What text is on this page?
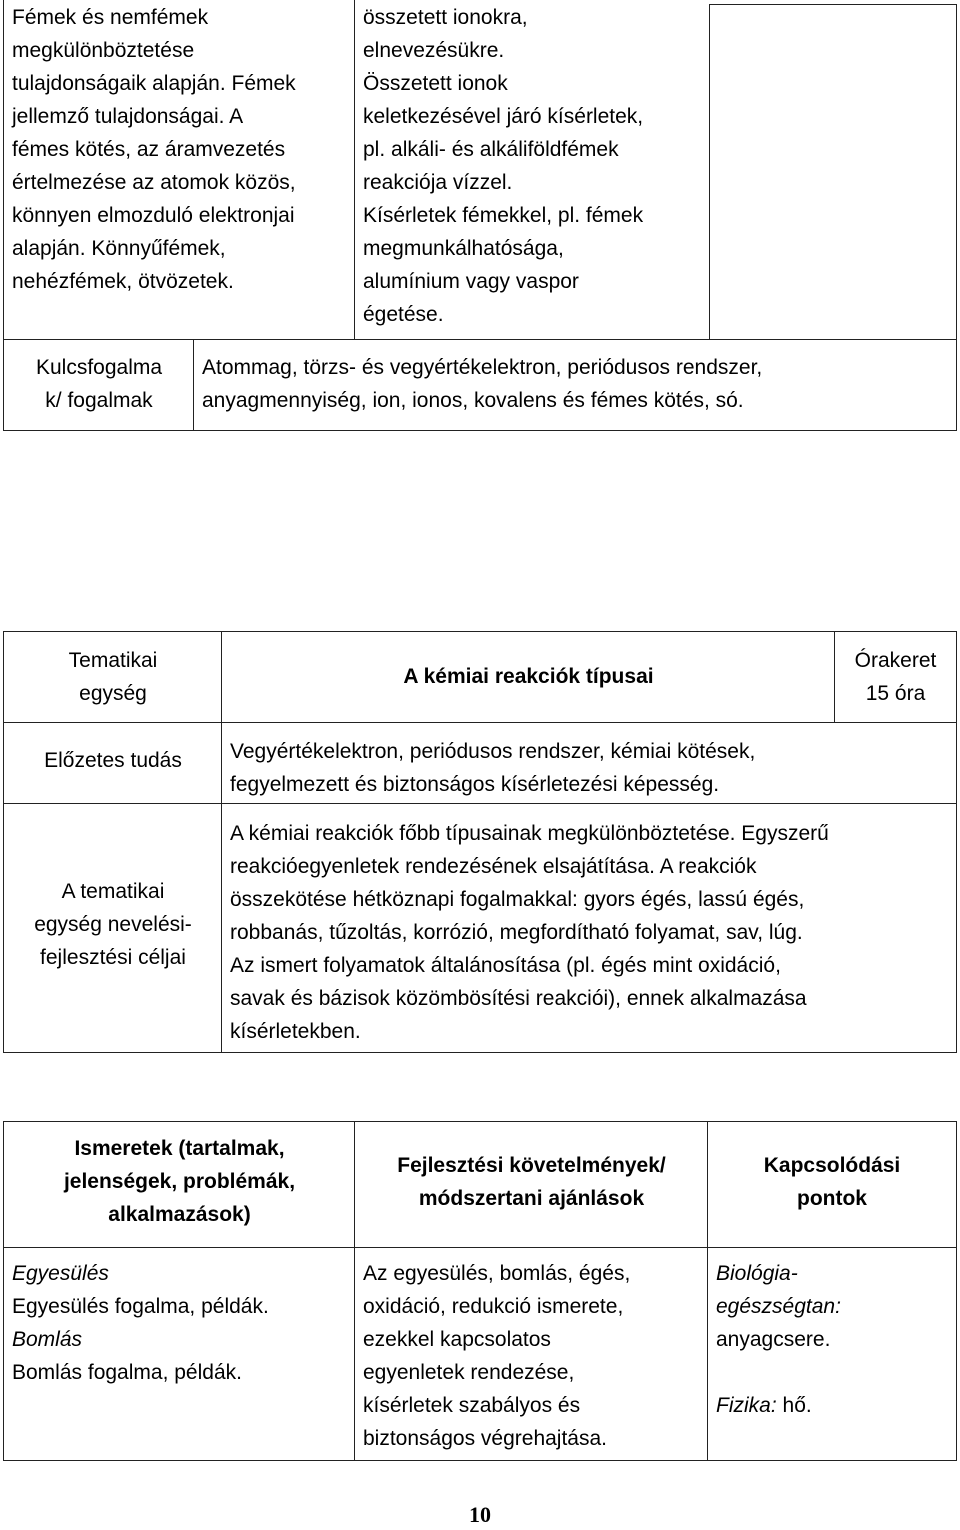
Fémek és nemfémek
megkülönböztetése
tulajdonságaik alapján. Fémek
jellemző tulajdonságai. A
fémes kötés, az áramvezetés
értelmezése az atomok közös,
könnyen elmozduló elektronjai
alapján. Könnyűfémek,
nehézfémek, ötvözetek.
összetett ionokra,
elnevezésükre.
Összetett ionok
keletkezésével járó kísérletek,
pl. alkáli- és alkáliföldfémek
reakciója vízzel.
Kísérletek fémekkel, pl. fémek
megmunkálhatósága,
alumínium vagy vaspor
égetése.
Kulcsfogalma
k/ fogalmak
Atommag, törzs- és vegyértékelektron, periódusos rendszer,
anyagmennyiség, ion, ionos, kovalens és fémes kötés, só.
Tematikai
egység
A kémiai reakciók típusai
Órakeret
15 óra
Előzetes tudás	Vegyértékelektron, periódusos rendszer, kémiai kötések,
fegyelmezett és biztonságos kísérletezési képesség.
A tematikai
egység nevelési-
fejlesztési céljai
A kémiai reakciók főbb típusainak megkülönböztetése. Egyszerű
reakcióegyenletek rendezésének elsajátítása. A reakciók
összekötése hétköznapi fogalmakkal: gyors égés, lassú égés,
robbanás, tűzoltás, korrózió, megfordítható folyamat, sav, lúg.
Az ismert folyamatok általánosítása (pl. égés mint oxidáció,
savak és bázisok közömbösítési reakciói), ennek alkalmazása
kísérletekben.
Ismeretek (tartalmak,
jelenségek, problémák,
alkalmazások)
Fejlesztési követelmények/
módszertani ajánlások
Kapcsolódási
pontok
Egyesülés
Egyesülés fogalma, példák.
Bomlás
Bomlás fogalma, példák.
Az egyesülés, bomlás, égés,
oxidáció, redukció ismerete,
ezekkel kapcsolatos
egyenletek rendezése,
kísérletek szabályos és
biztonságos végrehajtása.
Biológia-
egészségtan:
anyagcsere.
Fizika: hő.
10
